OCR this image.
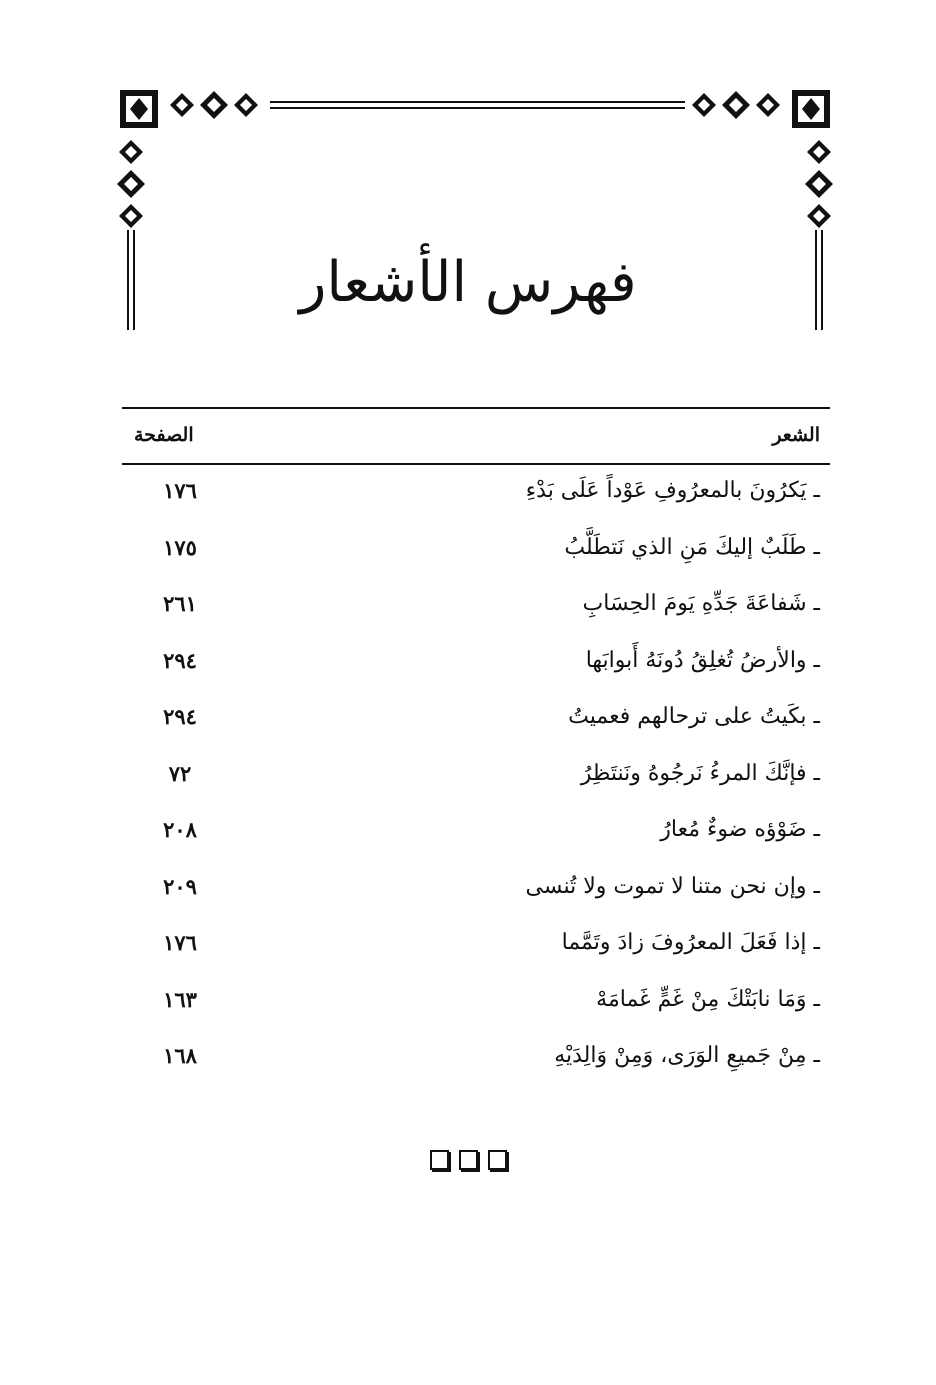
فهرس الأشعار
الشعر
الصفحة
ـ يَكرُونَ بالمعرُوفِ عَوْداً عَلَى بَدْءِ
١٧٦
ـ طَلَبٌ إليكَ مَنِ الذي نَتطَلَّبُ
١٧٥
ـ شَفاعَةَ جَدِّهِ يَومَ الحِسَابِ
٢٦١
ـ والأرضُ تُغلِقُ دُونَهُ أَبوابَها
٢٩٤
ـ بكَيتُ على ترحالهم فعميتُ
٢٩٤
ـ فإنَّكَ المرءُ نَرجُوهُ ونَنتَظِرُ
٧٢
ـ ضَوْؤه ضوءٌ مُعارُ
٢٠٨
ـ وإن نحن متنا لا تموت ولا تُنسى
٢٠٩
ـ إذا فَعَلَ المعرُوفَ زادَ وتَمَّما
١٧٦
ـ وَمَا نابَتْكَ مِنْ غَمٍّ غَمامَهْ
١٦٣
ـ مِنْ جَميعِ الوَرَى، وَمِنْ وَالِدَيْهِ
١٦٨
